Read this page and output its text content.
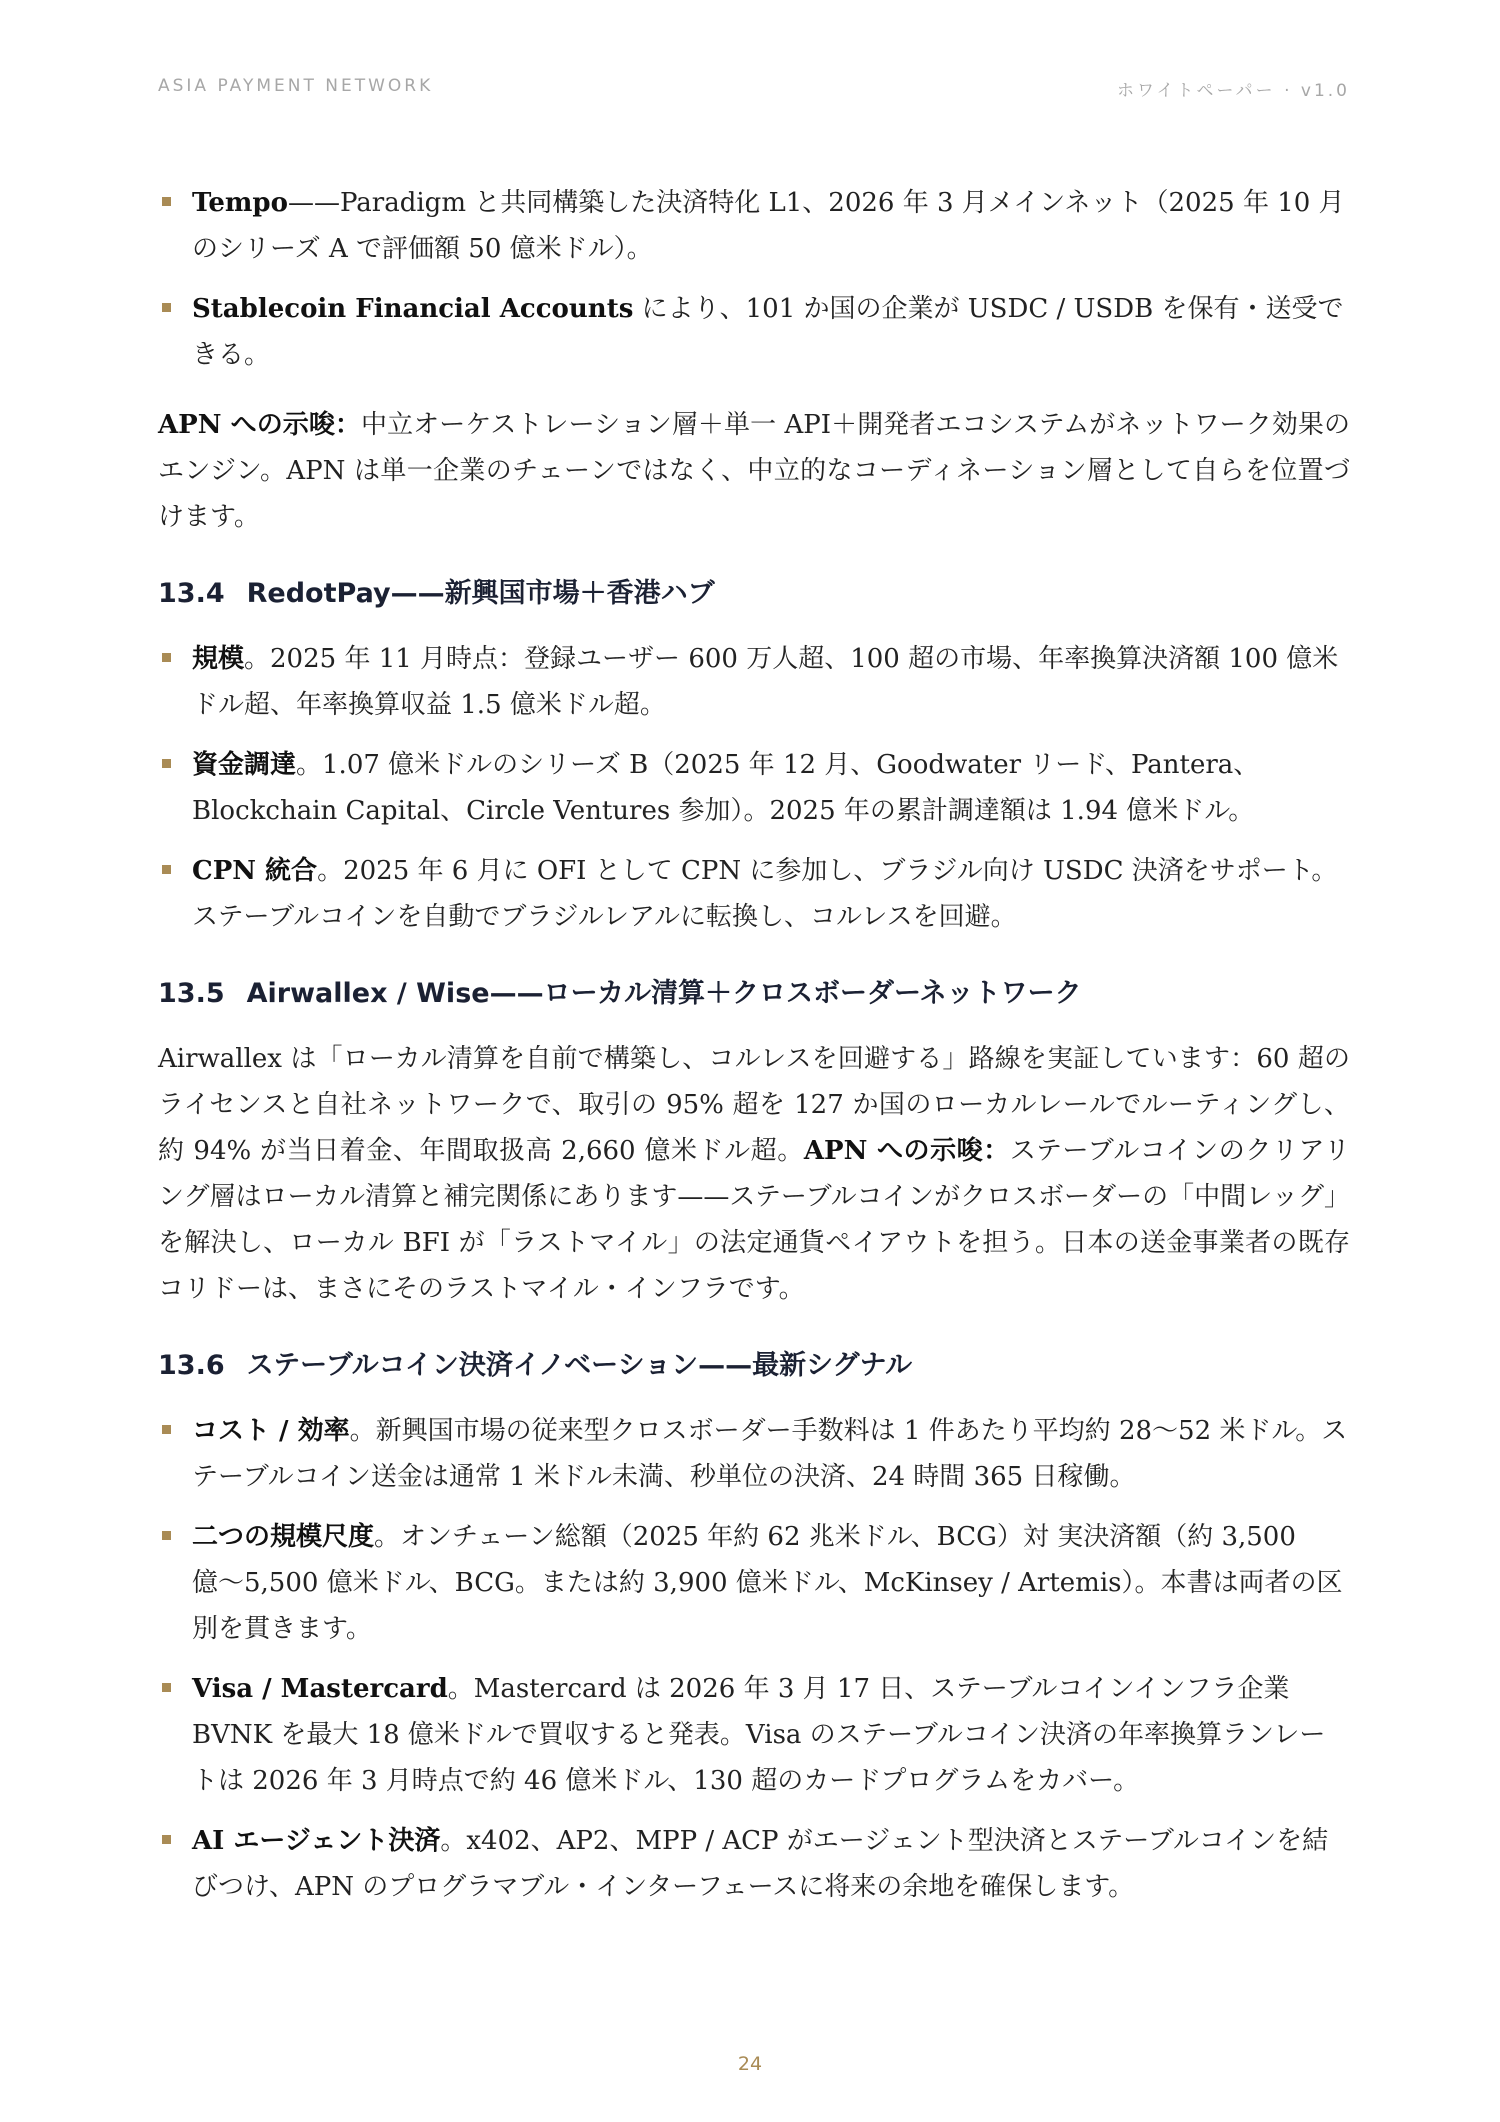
ASIA PAYMENT NETWORK	ホワイトペーパー · v1.0
Tempo——Paradigm と共同構築した決済特化 L1、2026 年 3 月メインネット（2025 年 10 月のシリーズ A で評価額 50 億米ドル）。
Stablecoin Financial Accounts により、101 か国の企業が USDC / USDB を保有・送受できる。

APN への示唆：中立オーケストレーション層＋単一 API＋開発者エコシステムがネットワーク効果のエンジン。APN は単一企業のチェーンではなく、中立的なコーディネーション層として自らを位置づけます。

13.4 RedotPay——新興国市場＋香港ハブ
規模。2025 年 11 月時点：登録ユーザー 600 万人超、100 超の市場、年率換算決済額 100 億米ドル超、年率換算収益 1.5 億米ドル超。
資金調達。1.07 億米ドルのシリーズ B（2025 年 12 月、Goodwater リード、Pantera、Blockchain Capital、Circle Ventures 参加）。2025 年の累計調達額は 1.94 億米ドル。
CPN 統合。2025 年 6 月に OFI として CPN に参加し、ブラジル向け USDC 決済をサポート。ステーブルコインを自動でブラジルレアルに転換し、コルレスを回避。
13.5 Airwallex / Wise——ローカル清算＋クロスボーダーネットワーク

Airwallex は「ローカル清算を自前で構築し、コルレスを回避する」路線を実証しています：60 超のライセンスと自社ネットワークで、取引の 95% 超を 127 か国のローカルレールでルーティングし、約 94% が当日着金、年間取扱高 2,660 億米ドル超。APN への示唆：ステーブルコインのクリアリング層はローカル清算と補完関係にあります——ステーブルコインがクロスボーダーの「中間レッグ」を解決し、ローカル BFI が「ラストマイル」の法定通貨ペイアウトを担う。日本の送金事業者の既存コリドーは、まさにそのラストマイル・インフラです。

13.6 ステーブルコイン決済イノベーション——最新シグナル
コスト / 効率。新興国市場の従来型クロスボーダー手数料は 1 件あたり平均約 28〜52 米ドル。ステーブルコイン送金は通常 1 米ドル未満、秒単位の決済、24 時間 365 日稼働。
二つの規模尺度。オンチェーン総額（2025 年約 62 兆米ドル、BCG）対 実決済額（約 3,500 億〜5,500 億米ドル、BCG。または約 3,900 億米ドル、McKinsey / Artemis）。本書は両者の区別を貫きます。
Visa / Mastercard。Mastercard は 2026 年 3 月 17 日、ステーブルコインインフラ企業 BVNK を最大 18 億米ドルで買収すると発表。Visa のステーブルコイン決済の年率換算ランレートは 2026 年 3 月時点で約 46 億米ドル、130 超のカードプログラムをカバー。
AI エージェント決済。x402、AP2、MPP / ACP がエージェント型決済とステーブルコインを結びつけ、APN のプログラマブル・インターフェースに将来の余地を確保します。
24
